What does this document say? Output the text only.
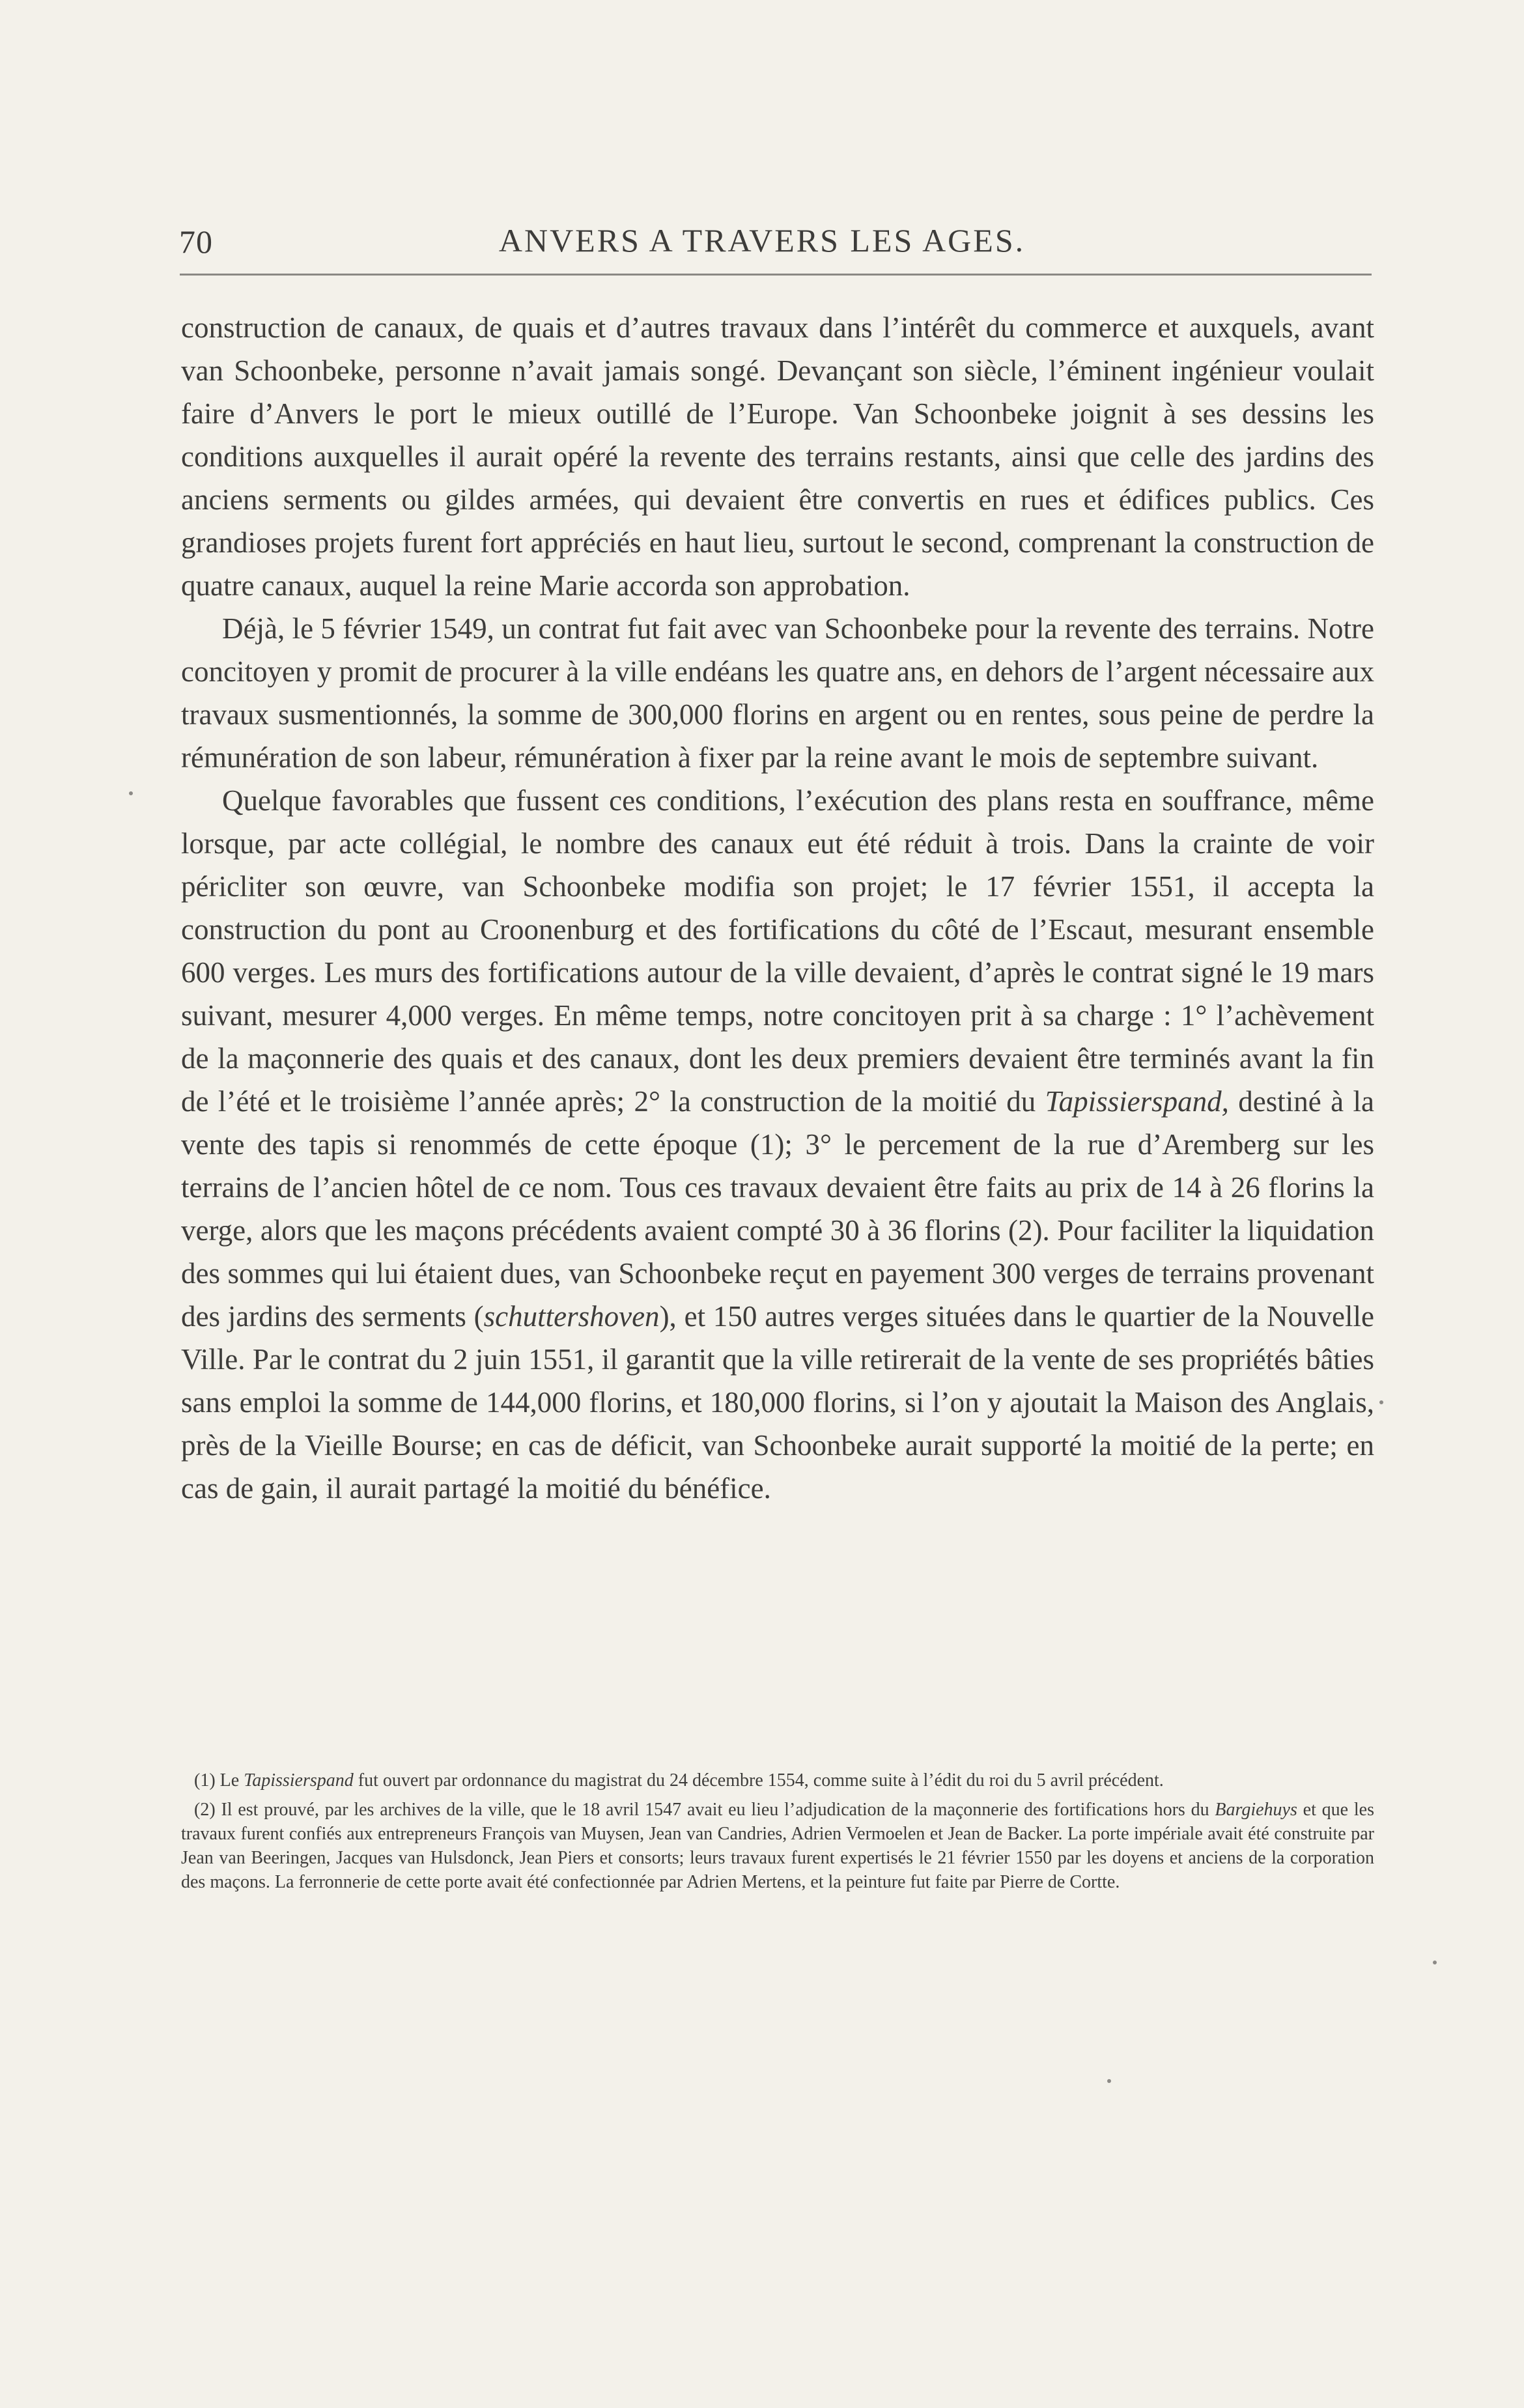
70	ANVERS A TRAVERS LES AGES.

construction de canaux, de quais et d’autres travaux dans l’intérêt du commerce et auxquels, avant van Schoonbeke, personne n’avait jamais songé. Devançant son siècle, l’éminent ingénieur voulait faire d’Anvers le port le mieux outillé de l’Europe. Van Schoonbeke joignit à ses dessins les conditions auxquelles il aurait opéré la revente des terrains restants, ainsi que celle des jardins des anciens serments ou gildes armées, qui devaient être convertis en rues et édifices publics. Ces grandioses projets furent fort appréciés en haut lieu, surtout le second, comprenant la construction de quatre canaux, auquel la reine Marie accorda son approbation.

Déjà, le 5 février 1549, un contrat fut fait avec van Schoonbeke pour la revente des terrains. Notre concitoyen y promit de procurer à la ville endéans les quatre ans, en dehors de l’argent nécessaire aux travaux susmentionnés, la somme de 300,000 florins en argent ou en rentes, sous peine de perdre la rémunération de son labeur, rémunération à fixer par la reine avant le mois de septembre suivant.

Quelque favorables que fussent ces conditions, l’exécution des plans resta en souffrance, même lorsque, par acte collégial, le nombre des canaux eut été réduit à trois. Dans la crainte de voir péricliter son œuvre, van Schoonbeke modifia son projet; le 17 février 1551, il accepta la construction du pont au Croonenburg et des fortifications du côté de l’Escaut, mesurant ensemble 600 verges. Les murs des fortifications autour de la ville devaient, d’après le contrat signé le 19 mars suivant, mesurer 4,000 verges. En même temps, notre concitoyen prit à sa charge : 1° l’achèvement de la maçonnerie des quais et des canaux, dont les deux premiers devaient être terminés avant la fin de l’été et le troisième l’année après; 2° la construction de la moitié du Tapissierspand, destiné à la vente des tapis si renommés de cette époque (1); 3° le percement de la rue d’Aremberg sur les terrains de l’ancien hôtel de ce nom. Tous ces travaux devaient être faits au prix de 14 à 26 florins la verge, alors que les maçons précédents avaient compté 30 à 36 florins (2). Pour faciliter la liquidation des sommes qui lui étaient dues, van Schoonbeke reçut en payement 300 verges de terrains provenant des jardins des serments (schuttershoven), et 150 autres verges situées dans le quartier de la Nouvelle Ville. Par le contrat du 2 juin 1551, il garantit que la ville retirerait de la vente de ses propriétés bâties sans emploi la somme de 144,000 florins, et 180,000 florins, si l’on y ajoutait la Maison des Anglais, près de la Vieille Bourse; en cas de déficit, van Schoonbeke aurait supporté la moitié de la perte; en cas de gain, il aurait partagé la moitié du bénéfice.

(1) Le Tapissierspand fut ouvert par ordonnance du magistrat du 24 décembre 1554, comme suite à l’édit du roi du 5 avril précédent.

(2) Il est prouvé, par les archives de la ville, que le 18 avril 1547 avait eu lieu l’adjudication de la maçonnerie des fortifications hors du Bargiehuys et que les travaux furent confiés aux entrepreneurs François van Muysen, Jean van Candries, Adrien Vermoelen et Jean de Backer. La porte impériale avait été construite par Jean van Beeringen, Jacques van Hulsdonck, Jean Piers et consorts; leurs travaux furent expertisés le 21 février 1550 par les doyens et anciens de la corporation des maçons. La ferronnerie de cette porte avait été confectionnée par Adrien Mertens, et la peinture fut faite par Pierre de Cortte.
